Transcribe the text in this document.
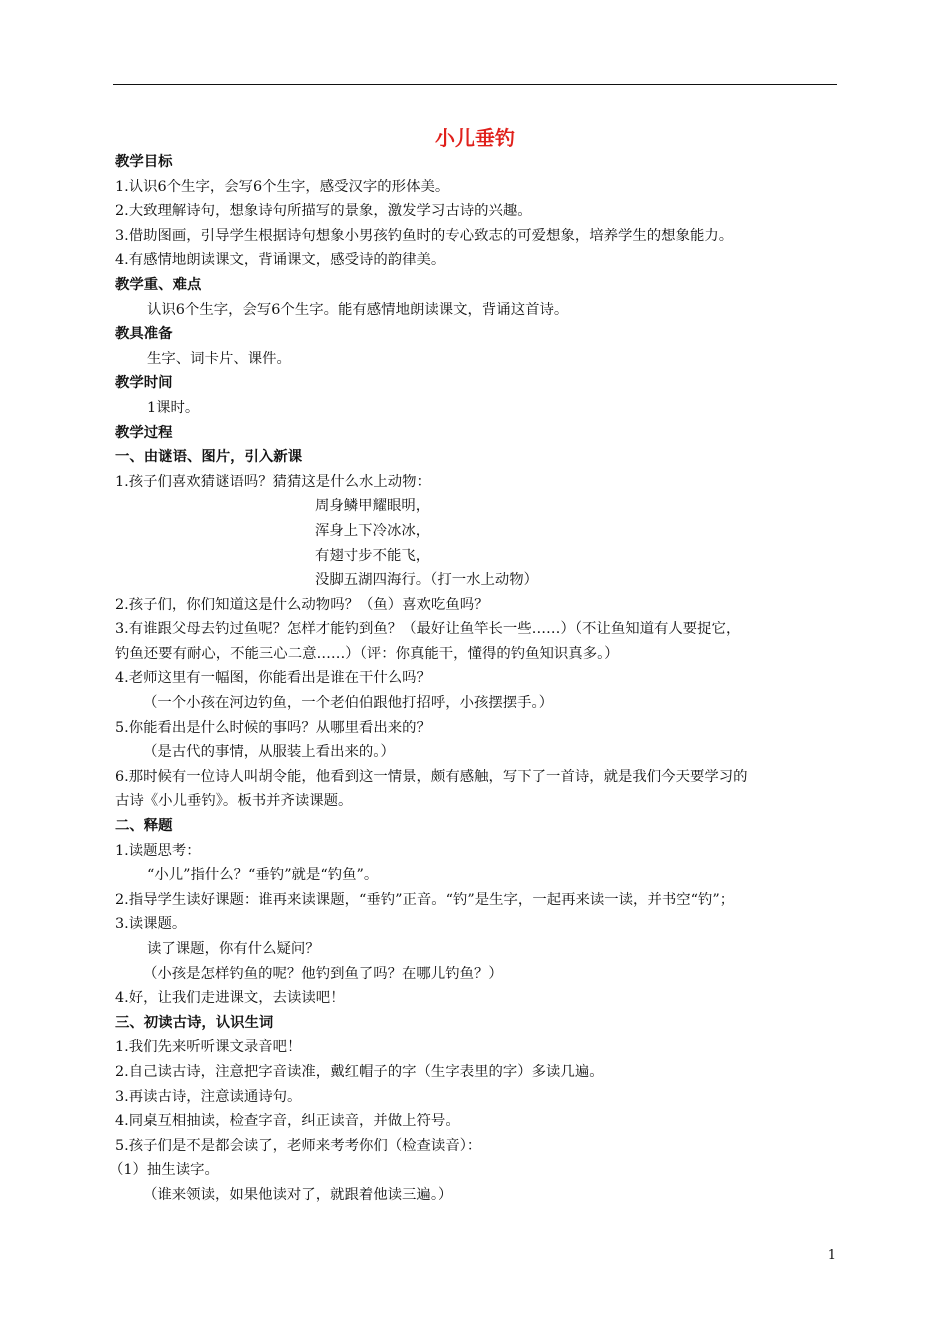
小儿垂钓
教学目标
1.认识6个生字，会写6个生字，感受汉字的形体美。
2.大致理解诗句，想象诗句所描写的景象，激发学习古诗的兴趣。
3.借助图画，引导学生根据诗句想象小男孩钓鱼时的专心致志的可爱想象，培养学生的想象能力。
4.有感情地朗读课文，背诵课文，感受诗的韵律美。
教学重、难点
认识6个生字，会写6个生字。能有感情地朗读课文，背诵这首诗。
教具准备
生字、词卡片、课件。
教学时间
1课时。
教学过程
一、由谜语、图片，引入新课
1.孩子们喜欢猜谜语吗？猜猜这是什么水上动物：
周身鳞甲耀眼明，
浑身上下冷冰冰，
有翅寸步不能飞，
没脚五湖四海行。（打一水上动物）
2.孩子们，你们知道这是什么动物吗？（鱼）喜欢吃鱼吗？
3.有谁跟父母去钓过鱼呢？怎样才能钓到鱼？（最好让鱼竿长一些……）（不让鱼知道有人要捉它，
钓鱼还要有耐心，不能三心二意……）（评：你真能干，懂得的钓鱼知识真多。）
4.老师这里有一幅图，你能看出是谁在干什么吗？
（一个小孩在河边钓鱼，一个老伯伯跟他打招呼，小孩摆摆手。）
5.你能看出是什么时候的事吗？从哪里看出来的？
（是古代的事情，从服装上看出来的。）
6.那时候有一位诗人叫胡令能，他看到这一情景，颇有感触，写下了一首诗，就是我们今天要学习的
古诗《小儿垂钓》。板书并齐读课题。
二、释题
1.读题思考：
“小儿”指什么？“垂钓”就是“钓鱼”。
2.指导学生读好课题：谁再来读课题，“垂钓”正音。“钓”是生字，一起再来读一读，并书空“钓”；
3.读课题。
读了课题，你有什么疑问？
（小孩是怎样钓鱼的呢？他钓到鱼了吗？在哪儿钓鱼？）
4.好，让我们走进课文，去读读吧！
三、初读古诗，认识生词
1.我们先来听听课文录音吧！
2.自己读古诗，注意把字音读准，戴红帽子的字（生字表里的字）多读几遍。
3.再读古诗，注意读通诗句。
4.同桌互相抽读，检查字音，纠正读音，并做上符号。
5.孩子们是不是都会读了，老师来考考你们（检查读音）：
（1）抽生读字。
（谁来领读，如果他读对了，就跟着他读三遍。）
1
